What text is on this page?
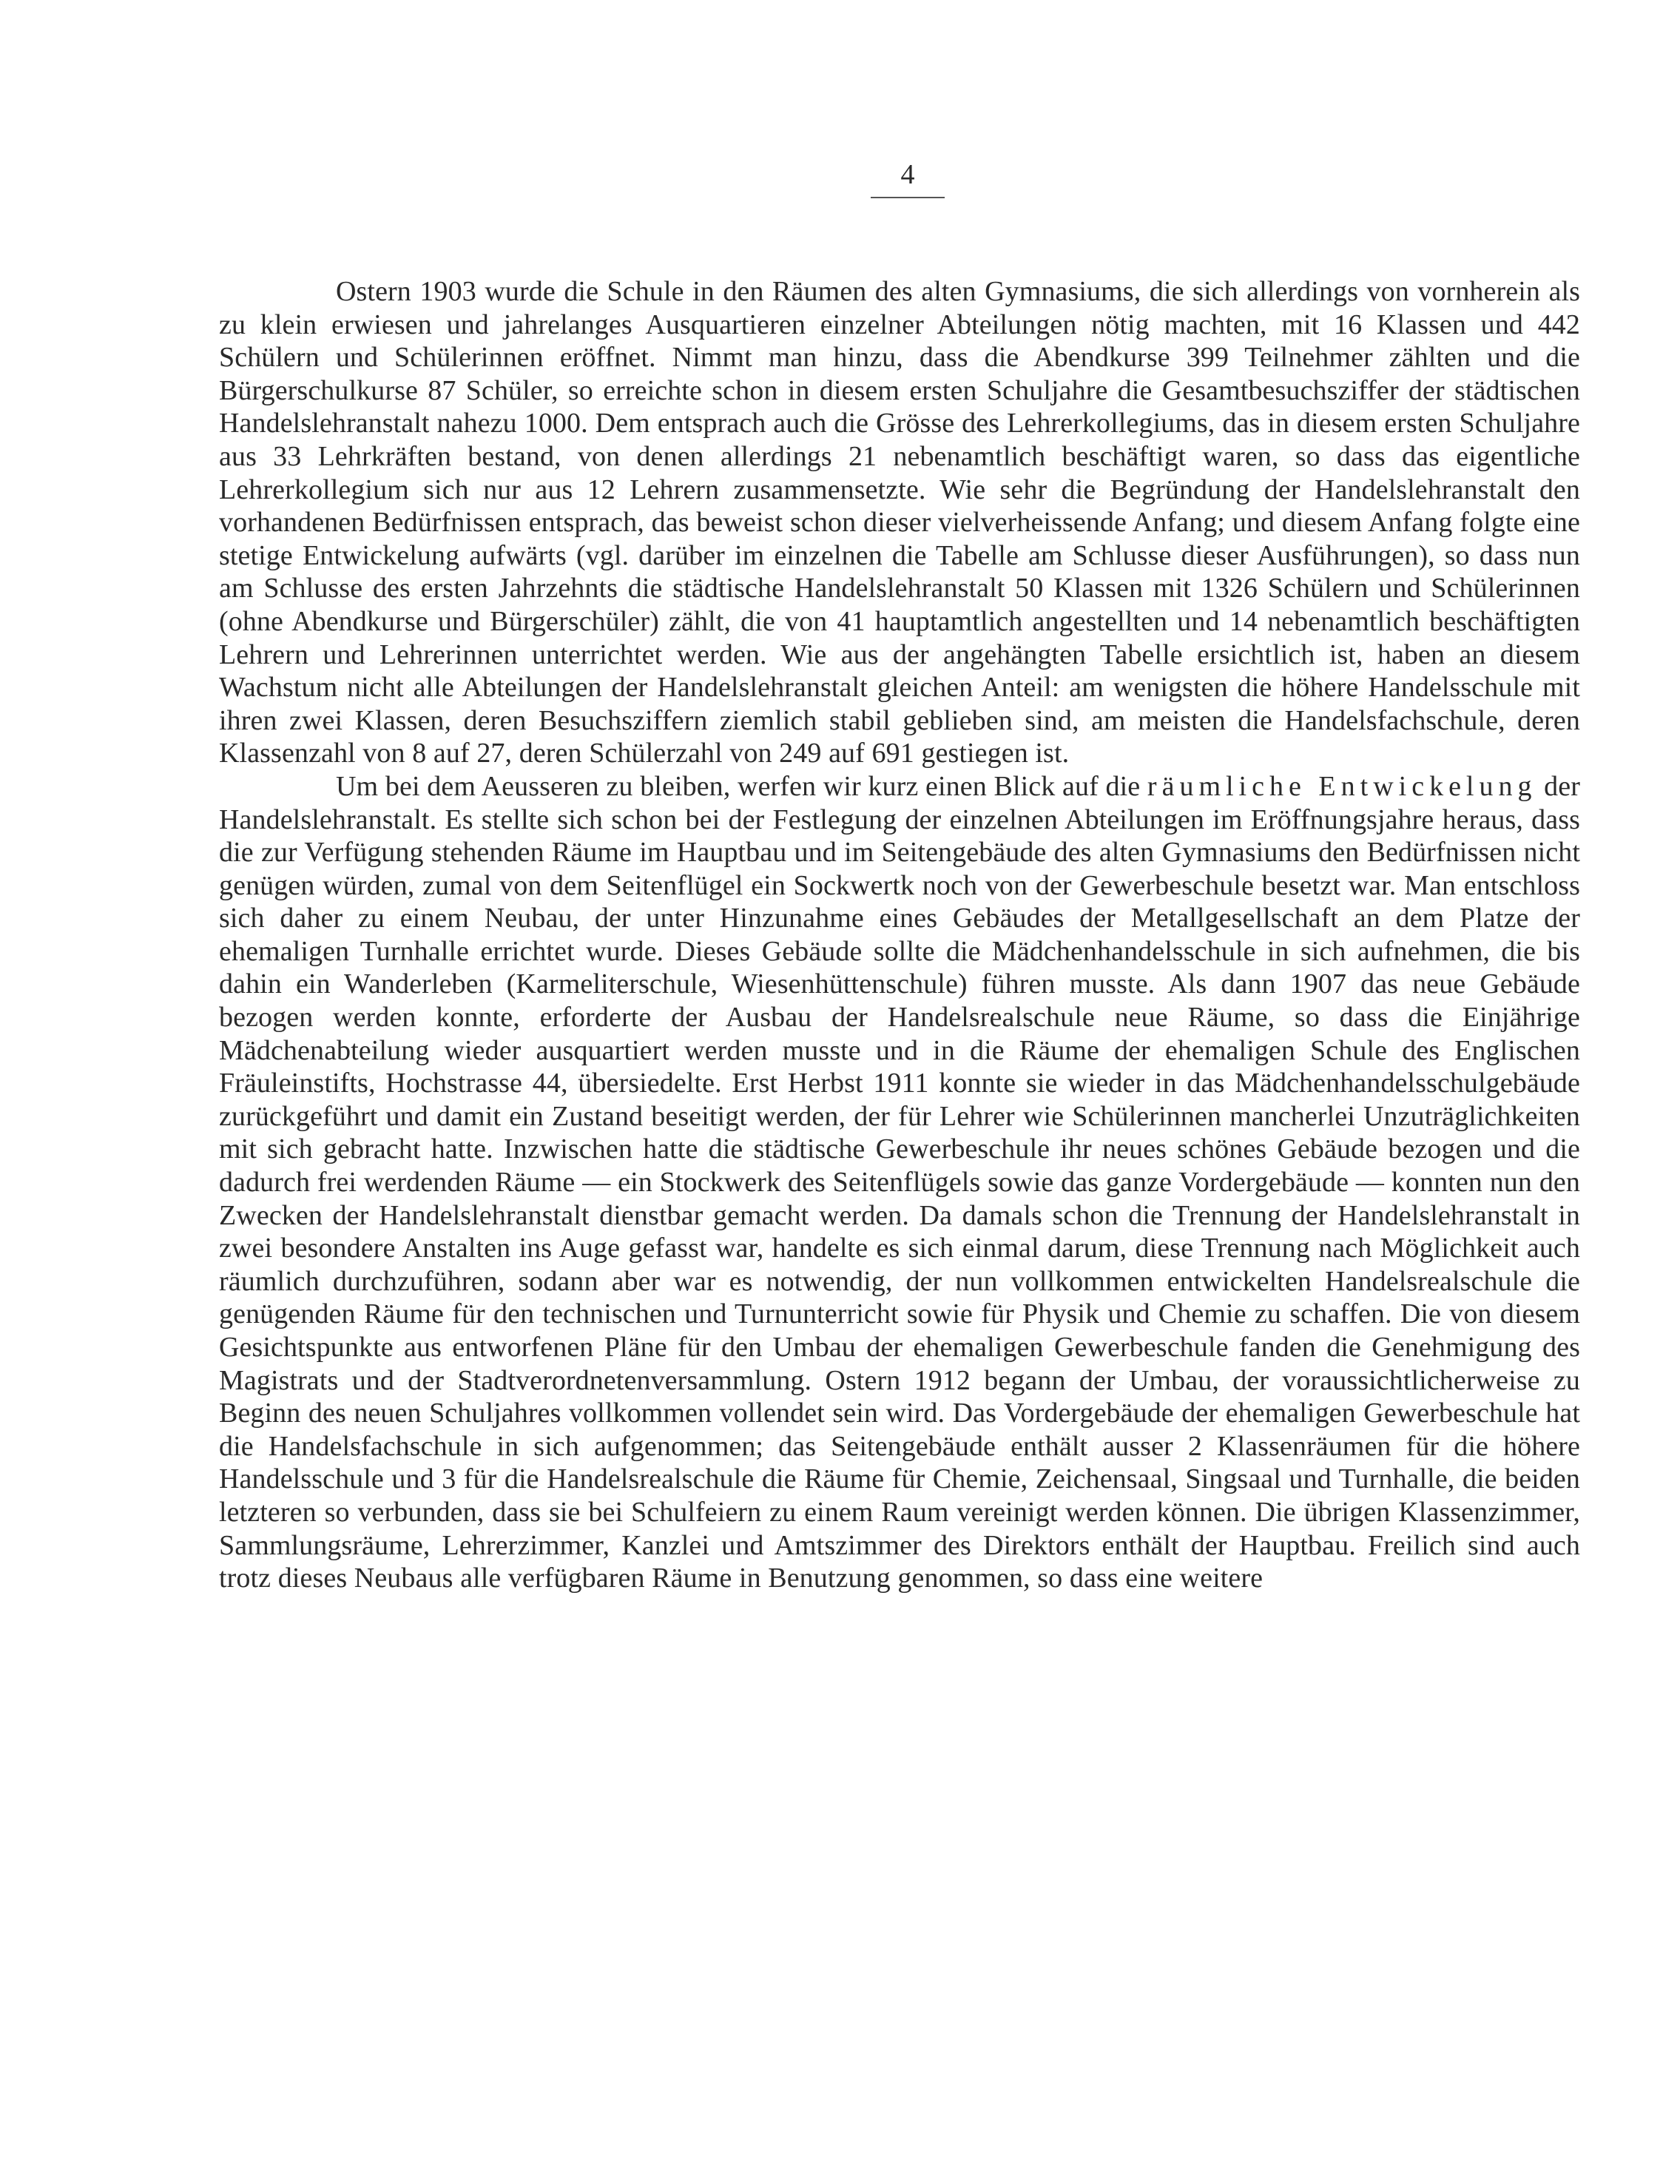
4

Ostern 1903 wurde die Schule in den Räumen des alten Gymnasiums, die sich allerdings von vornherein als zu klein erwiesen und jahrelanges Ausquartieren einzelner Abteilungen nötig machten, mit 16 Klassen und 442 Schülern und Schülerinnen eröffnet. Nimmt man hinzu, dass die Abendkurse 399 Teilnehmer zählten und die Bürgerschulkurse 87 Schüler, so erreichte schon in diesem ersten Schuljahre die Gesamtbesuchsziffer der städtischen Handelslehranstalt nahezu 1000. Dem entsprach auch die Grösse des Lehrerkollegiums, das in diesem ersten Schuljahre aus 33 Lehrkräften bestand, von denen allerdings 21 nebenamtlich beschäftigt waren, so dass das eigentliche Lehrerkollegium sich nur aus 12 Lehrern zusammensetzte. Wie sehr die Begründung der Handelslehranstalt den vorhandenen Bedürfnissen entsprach, das beweist schon dieser vielverheissende Anfang; und diesem Anfang folgte eine stetige Entwickelung aufwärts (vgl. darüber im einzelnen die Tabelle am Schlusse dieser Ausführungen), so dass nun am Schlusse des ersten Jahrzehnts die städtische Handelslehranstalt 50 Klassen mit 1326 Schülern und Schülerinnen (ohne Abendkurse und Bürgerschüler) zählt, die von 41 hauptamtlich angestellten und 14 nebenamtlich beschäftigten Lehrern und Lehrerinnen unterrichtet werden. Wie aus der angehängten Tabelle ersichtlich ist, haben an diesem Wachstum nicht alle Abteilungen der Handelslehranstalt gleichen Anteil: am wenigsten die höhere Handelsschule mit ihren zwei Klassen, deren Besuchsziffern ziemlich stabil geblieben sind, am meisten die Handelsfachschule, deren Klassenzahl von 8 auf 27, deren Schülerzahl von 249 auf 691 gestiegen ist.

Um bei dem Aeusseren zu bleiben, werfen wir kurz einen Blick auf die räumliche Entwickelung der Handelslehranstalt. Es stellte sich schon bei der Festlegung der einzelnen Abteilungen im Eröffnungsjahre heraus, dass die zur Verfügung stehenden Räume im Hauptbau und im Seitengebäude des alten Gymnasiums den Bedürfnissen nicht genügen würden, zumal von dem Seitenflügel ein Sockwertk noch von der Gewerbeschule besetzt war. Man entschloss sich daher zu einem Neubau, der unter Hinzunahme eines Gebäudes der Metallgesellschaft an dem Platze der ehemaligen Turnhalle errichtet wurde. Dieses Gebäude sollte die Mädchenhandelsschule in sich aufnehmen, die bis dahin ein Wanderleben (Karmeliterschule, Wiesenhüttenschule) führen musste. Als dann 1907 das neue Gebäude bezogen werden konnte, erforderte der Ausbau der Handelsrealschule neue Räume, so dass die Einjährige Mädchenabteilung wieder ausquartiert werden musste und in die Räume der ehemaligen Schule des Englischen Fräuleinstifts, Hochstrasse 44, übersiedelte. Erst Herbst 1911 konnte sie wieder in das Mädchenhandelsschulgebäude zurückgeführt und damit ein Zustand beseitigt werden, der für Lehrer wie Schülerinnen mancherlei Unzuträglichkeiten mit sich gebracht hatte. Inzwischen hatte die städtische Gewerbeschule ihr neues schönes Gebäude bezogen und die dadurch frei werdenden Räume — ein Stockwerk des Seitenflügels sowie das ganze Vordergebäude — konnten nun den Zwecken der Handelslehranstalt dienstbar gemacht werden. Da damals schon die Trennung der Handelslehranstalt in zwei besondere Anstalten ins Auge gefasst war, handelte es sich einmal darum, diese Trennung nach Möglichkeit auch räumlich durchzuführen, sodann aber war es notwendig, der nun vollkommen entwickelten Handelsrealschule die genügenden Räume für den technischen und Turnunterricht sowie für Physik und Chemie zu schaffen. Die von diesem Gesichtspunkte aus entworfenen Pläne für den Umbau der ehemaligen Gewerbeschule fanden die Genehmigung des Magistrats und der Stadtverordnetenversammlung. Ostern 1912 begann der Umbau, der voraussichtlicherweise zu Beginn des neuen Schuljahres vollkommen vollendet sein wird. Das Vordergebäude der ehemaligen Gewerbeschule hat die Handelsfachschule in sich aufgenommen; das Seitengebäude enthält ausser 2 Klassenräumen für die höhere Handelsschule und 3 für die Handelsrealschule die Räume für Chemie, Zeichensaal, Singsaal und Turnhalle, die beiden letzteren so verbunden, dass sie bei Schulfeiern zu einem Raum vereinigt werden können. Die übrigen Klassenzimmer, Sammlungsräume, Lehrerzimmer, Kanzlei und Amtszimmer des Direktors enthält der Hauptbau. Freilich sind auch trotz dieses Neubaus alle verfügbaren Räume in Benutzung genommen, so dass eine weitere
